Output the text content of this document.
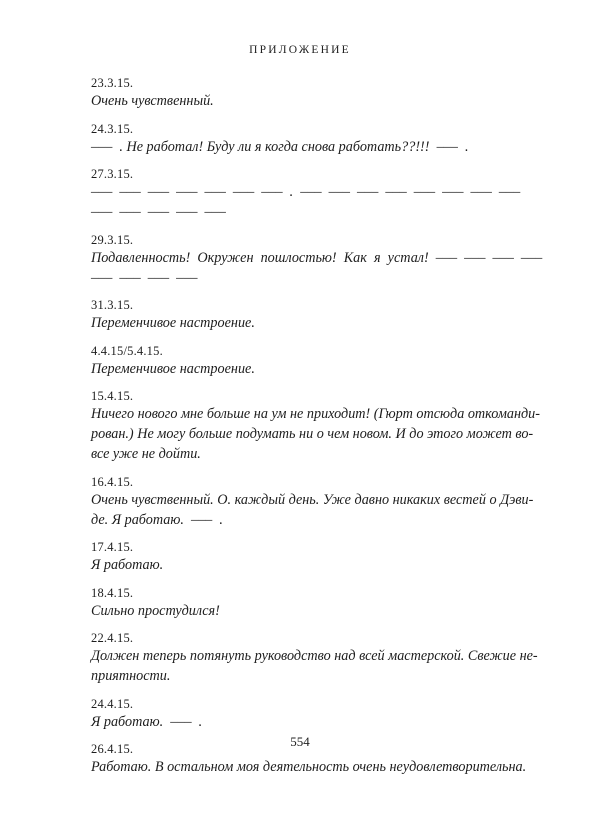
ПРИЛОЖЕНИЕ
23.3.15.
Очень чувственный.
24.3.15.
–––  . Не работал! Буду ли я когда снова работать??!!!  –––  .
27.3.15.
–––  –––  –––  –––  –––  –––  –––  .  –––  –––  –––  –––  –––  –––  –––  –––
–––  –––  –––  –––  –––
29.3.15.
Подавленность!  Окружен  пошлостью!  Как  я  устал!  –––  –––  –––  –––
–––  –––  –––  –––
31.3.15.
Переменчивое настроение.
4.4.15/5.4.15.
Переменчивое настроение.
15.4.15.
Ничего нового мне больше на ум не приходит! (Гюрт отсюда откоманди-
рован.) Не могу больше подумать ни о чем новом. И до этого может во-
все уже не дойти.
16.4.15.
Очень чувственный. О. каждый день. Уже давно никаких вестей о Дэви-
де. Я работаю.  –––  .
17.4.15.
Я работаю.
18.4.15.
Сильно простудился!
22.4.15.
Должен теперь потянуть руководство над всей мастерской. Свежие не-
приятности.
24.4.15.
Я работаю.  –––  .
26.4.15.
Работаю. В остальном моя деятельность очень неудовлетворительна.
554
